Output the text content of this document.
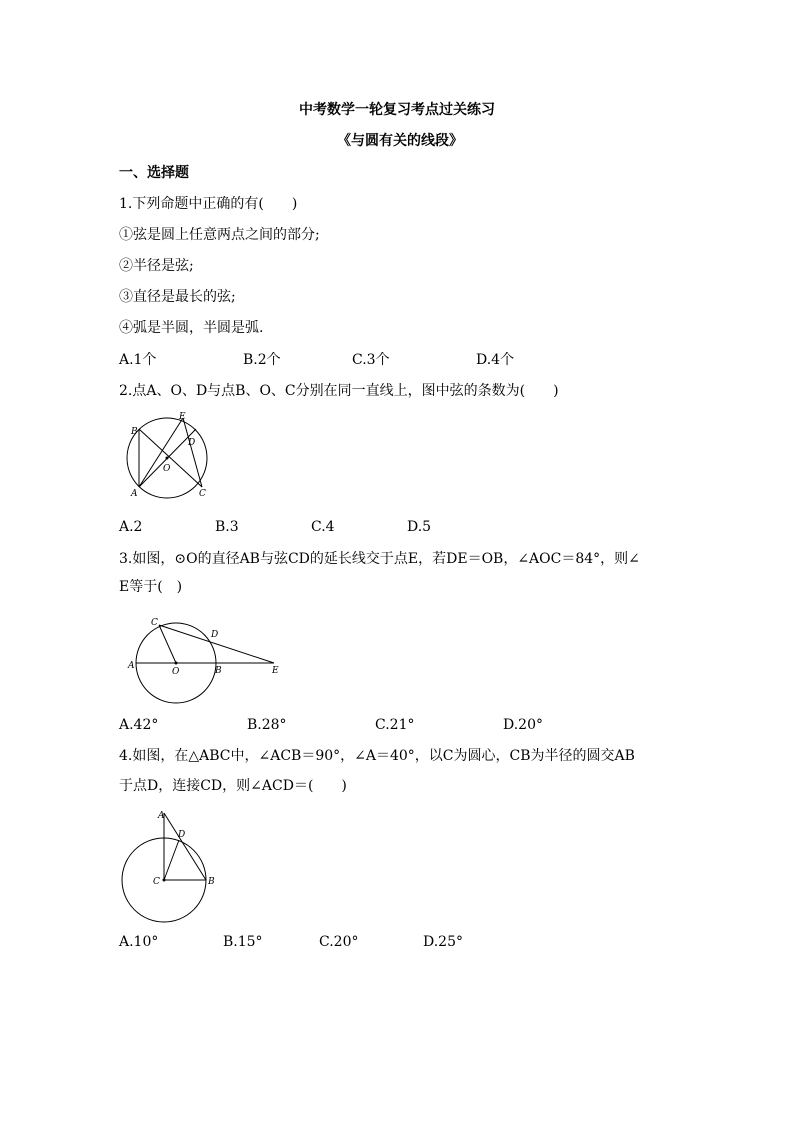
中考数学一轮复习考点过关练习
《与圆有关的线段》
一、选择题
1.下列命题中正确的有(　　)
①弦是圆上任意两点之间的部分;
②半径是弦;
③直径是最长的弦;
④弧是半圆，半圆是弧.
A.1个	B.2个	C.3个	D.4个
2.点A、O、D与点B、O、C分别在同一直线上，图中弦的条数为(　　)
B
A
E
D
O
C
A.2	B.3	C.4	D.5
3.如图，⊙O的直径AB与弦CD的延长线交于点E，若DE＝OB，∠AOC＝84°，则∠
E等于(　)
A
C
D
O	B	E
A.42°	B.28°	C.21°	D.20°
4.如图，在△ABC中，∠ACB＝90°，∠A＝40°，以C为圆心，CB为半径的圆交AB
于点D，连接CD，则∠ACD＝(　　)
A
D
C	B
A.10°	B.15°	C.20°	D.25°
